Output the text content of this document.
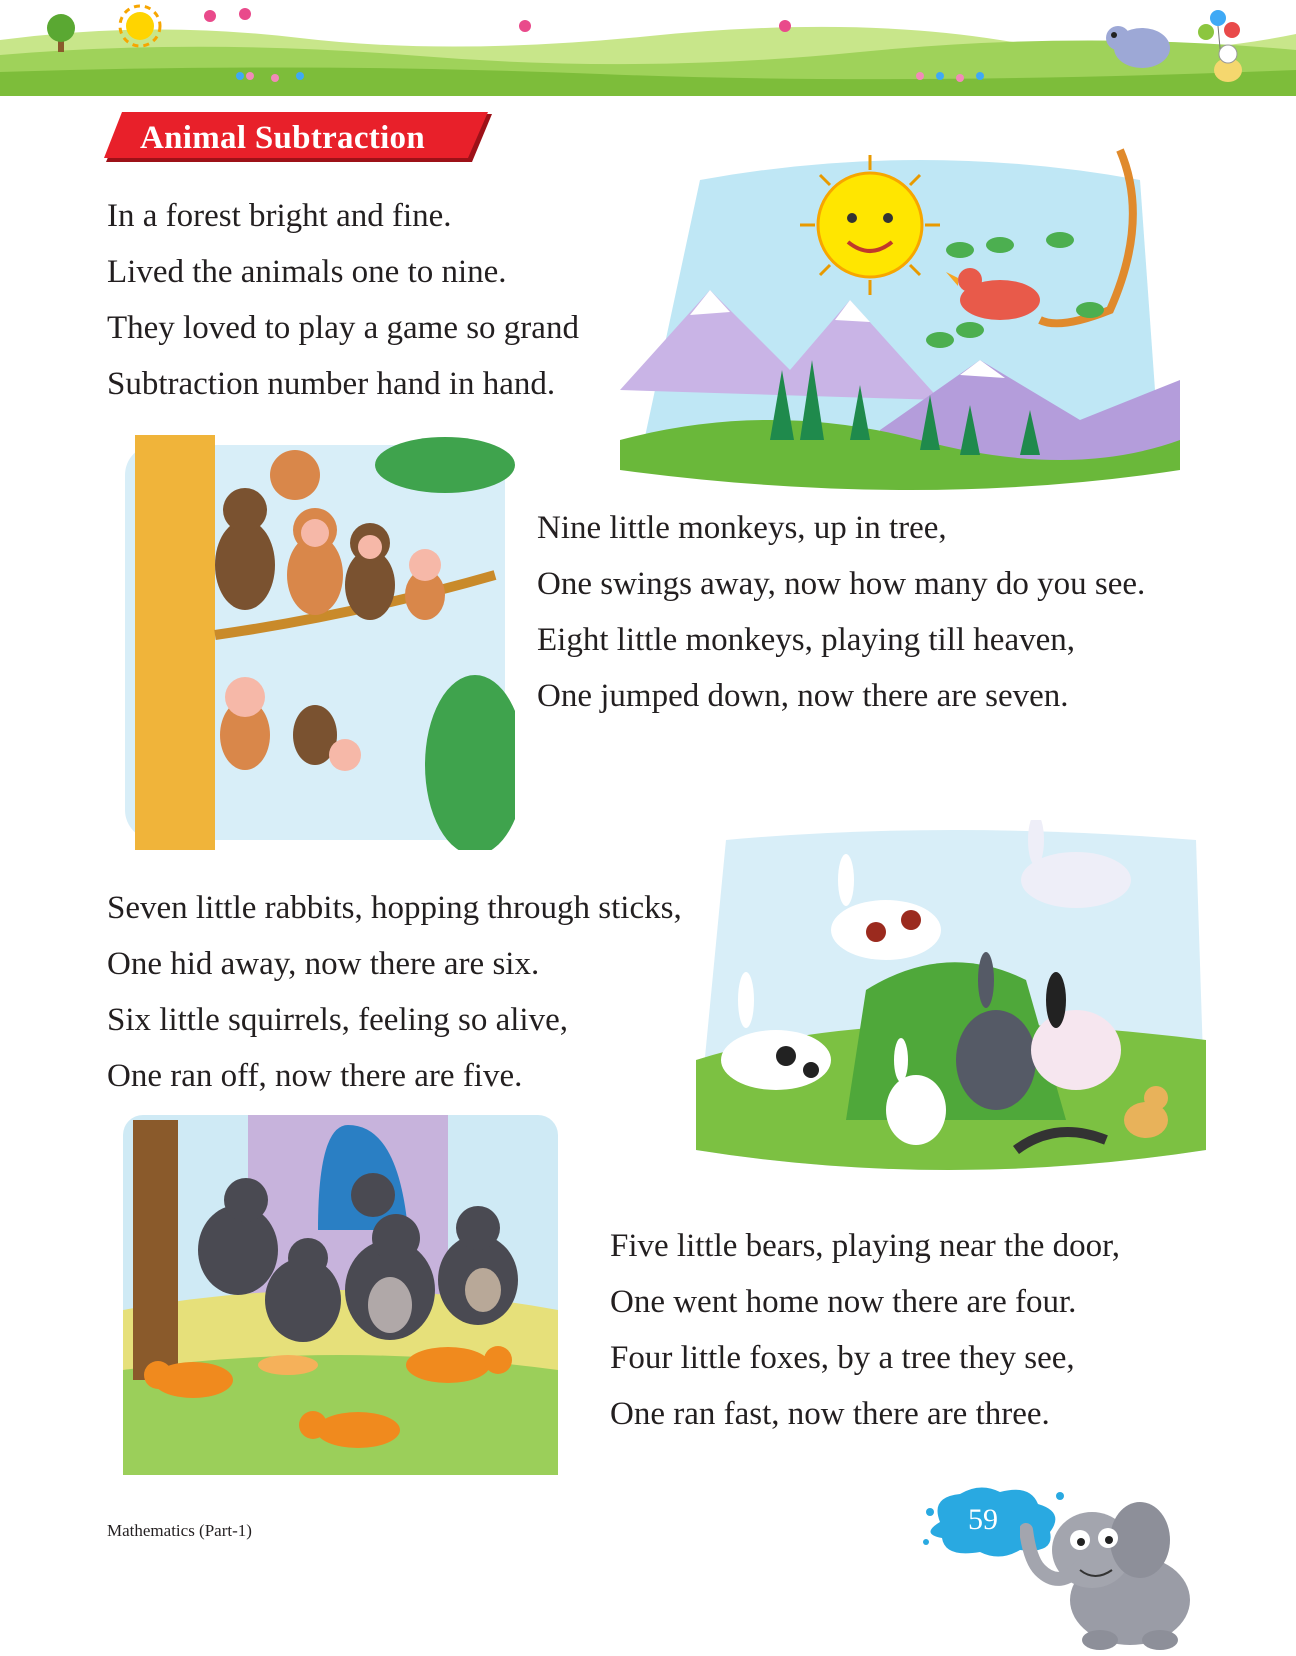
Animal Subtraction
In a forest bright and fine.
Lived the animals one to nine.
They loved to play a game so grand
Subtraction number hand in hand.
Nine little monkeys, up in tree,
One swings away, now how many do you see.
Eight little monkeys, playing till heaven,
One jumped down, now there are seven.
Seven little rabbits, hopping through sticks,
One hid away, now there are six.
Six little squirrels, feeling so alive,
One ran off, now there are five.
Five little bears, playing near the door,
One went home now there are four.
Four little foxes, by a tree they see,
One ran fast, now there are three.
Mathematics (Part-1)	59
